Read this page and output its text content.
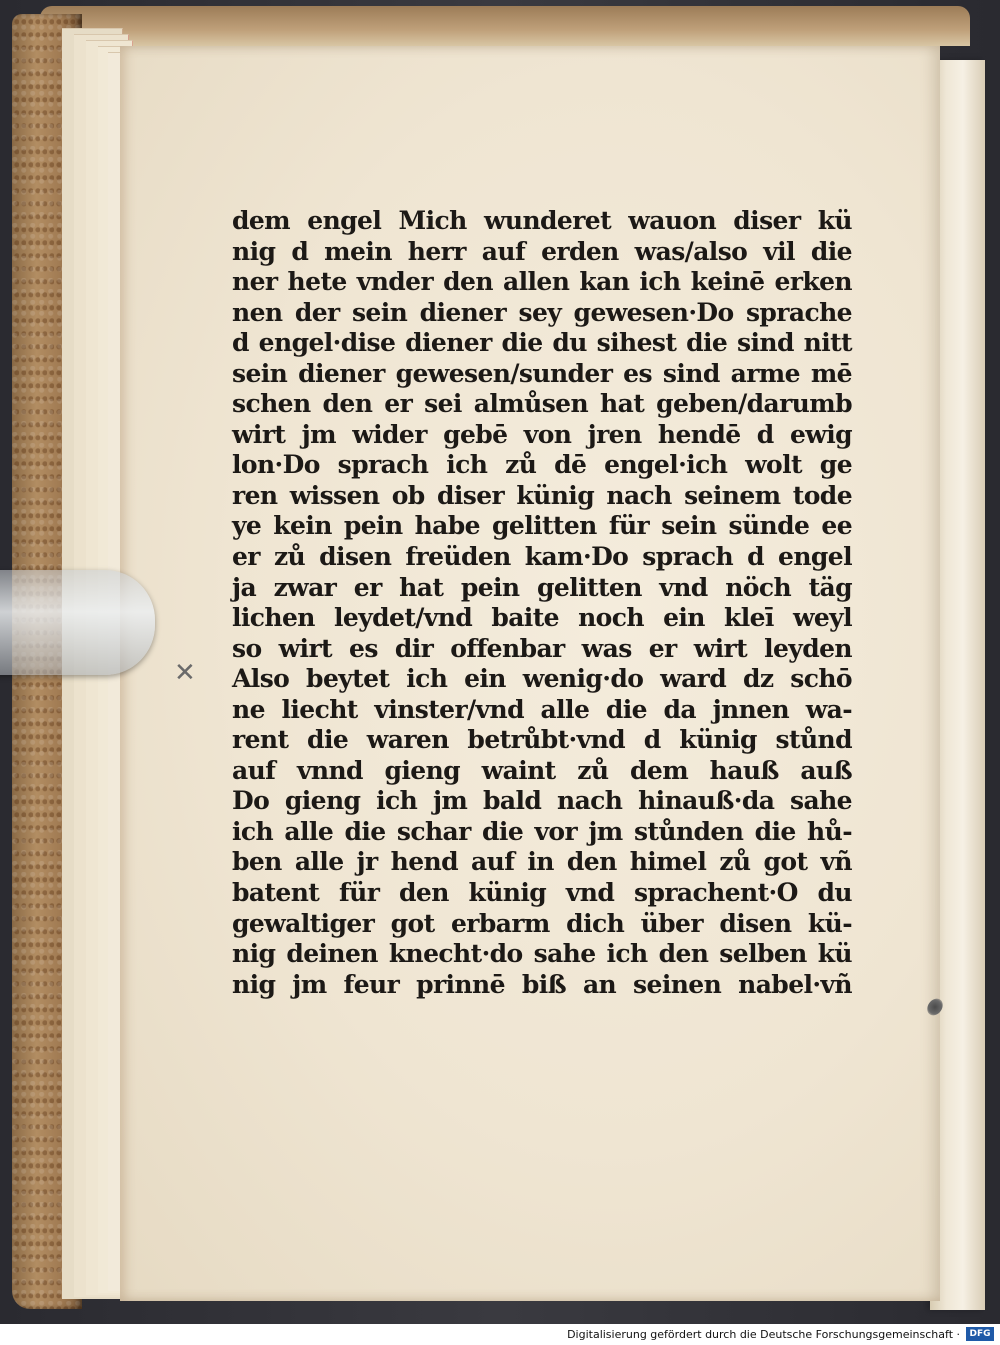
✕
dem engel Mich wunderet wauon diser kü
nig d mein herr auf erden was/also vil die
ner hete vnder den allen kan ich keinē erken
nen der sein diener sey gewesen·Do sprache
d engel·dise diener die du sihest die sind nitt
sein diener gewesen/sunder es sind arme mē
schen den er sei almůsen hat geben/darumb
wirt jm wider gebē von jren hendē d ewig
lon·Do sprach ich zů dē engel·ich wolt ge
ren wissen ob diser künig nach seinem tode
ye kein pein habe gelitten für sein sünde ee
er zů disen freüden kam·Do sprach d engel
ja zwar er hat pein gelitten vnd nöch täg
lichen leydet/vnd baite noch ein kleī weyl
so wirt es dir offenbar was er wirt leyden
Also beytet ich ein wenig·do ward dz schō
ne liecht vinster/vnd alle die da jnnen wa-
rent die waren betrůbt·vnd d künig stůnd
auf vnnd gieng waint zů dem hauß auß
Do gieng ich jm bald nach hinauß·da sahe
ich alle die schar die vor jm stůnden die hů-
ben alle jr hend auf in den himel zů got vñ
batent für den künig vnd sprachent·O du
gewaltiger got erbarm dich über disen kü-
nig deinen knecht·do sahe ich den selben kü
nig jm feur prinnē biß an seinen nabel·vñ
Digitalisierung gefördert durch die Deutsche Forschungsgemeinschaft ·	DFG
